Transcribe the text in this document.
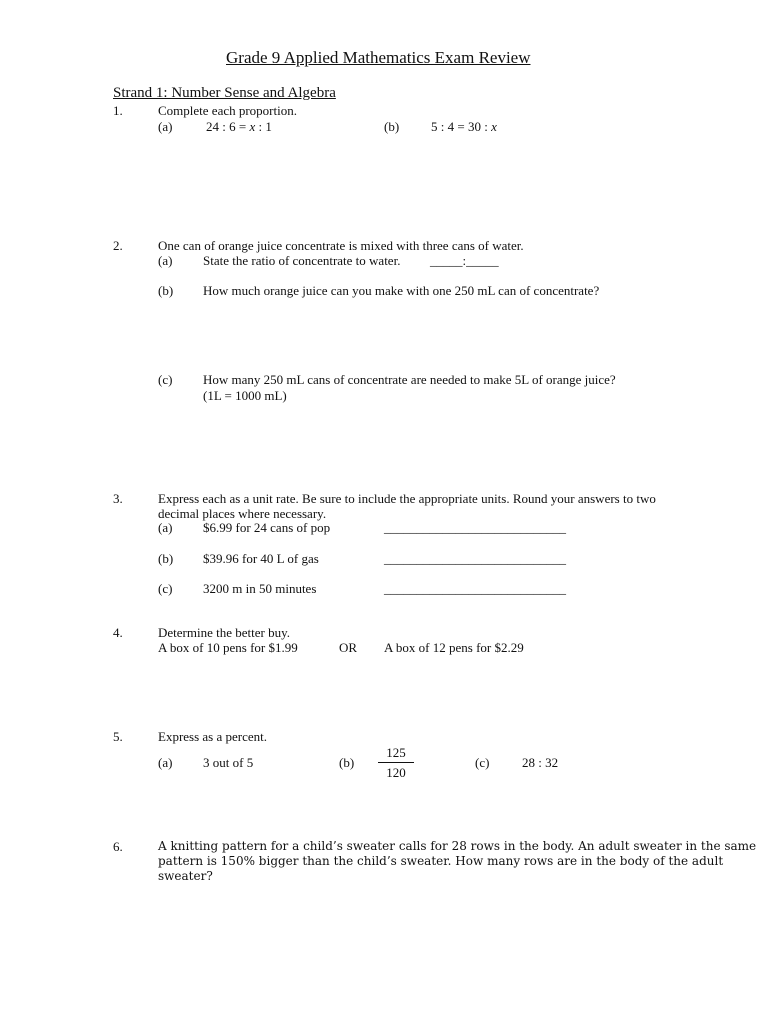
Grade 9 Applied Mathematics Exam Review
Strand 1: Number Sense and Algebra
1.	Complete each proportion.
(a)	24 : 6 = x : 1	(b) 5 : 4 = 30 : x
2.	One can of orange juice concentrate is mixed with three cans of water.
(a) State the ratio of concentrate to water. _____:_____
(b) How much orange juice can you make with one 250 mL can of concentrate?
(c) How many 250 mL cans of concentrate are needed to make 5L of orange juice?
(1L = 1000 mL)
3.	Express each as a unit rate. Be sure to include the appropriate units. Round your answers to two
decimal places where necessary.
(a) $6.99 for 24 cans of pop	____________________________
(b) $39.96 for 40 L of gas	____________________________
(c) 3200 m in 50 minutes	____________________________
4.	Determine the better buy.
A box of 10 pens for $1.99	OR A box of 12 pens for $2.29
5.	Express as a percent.
(a) 3 out of 5	$(b) \frac{125}{120}$	(c)	28 : 32
6.	A knitting pattern for a child’s sweater calls for 28 rows in the body. An adult sweater in the same
pattern is 150% bigger than the child’s sweater. How many rows are in the body of the adult
sweater?
